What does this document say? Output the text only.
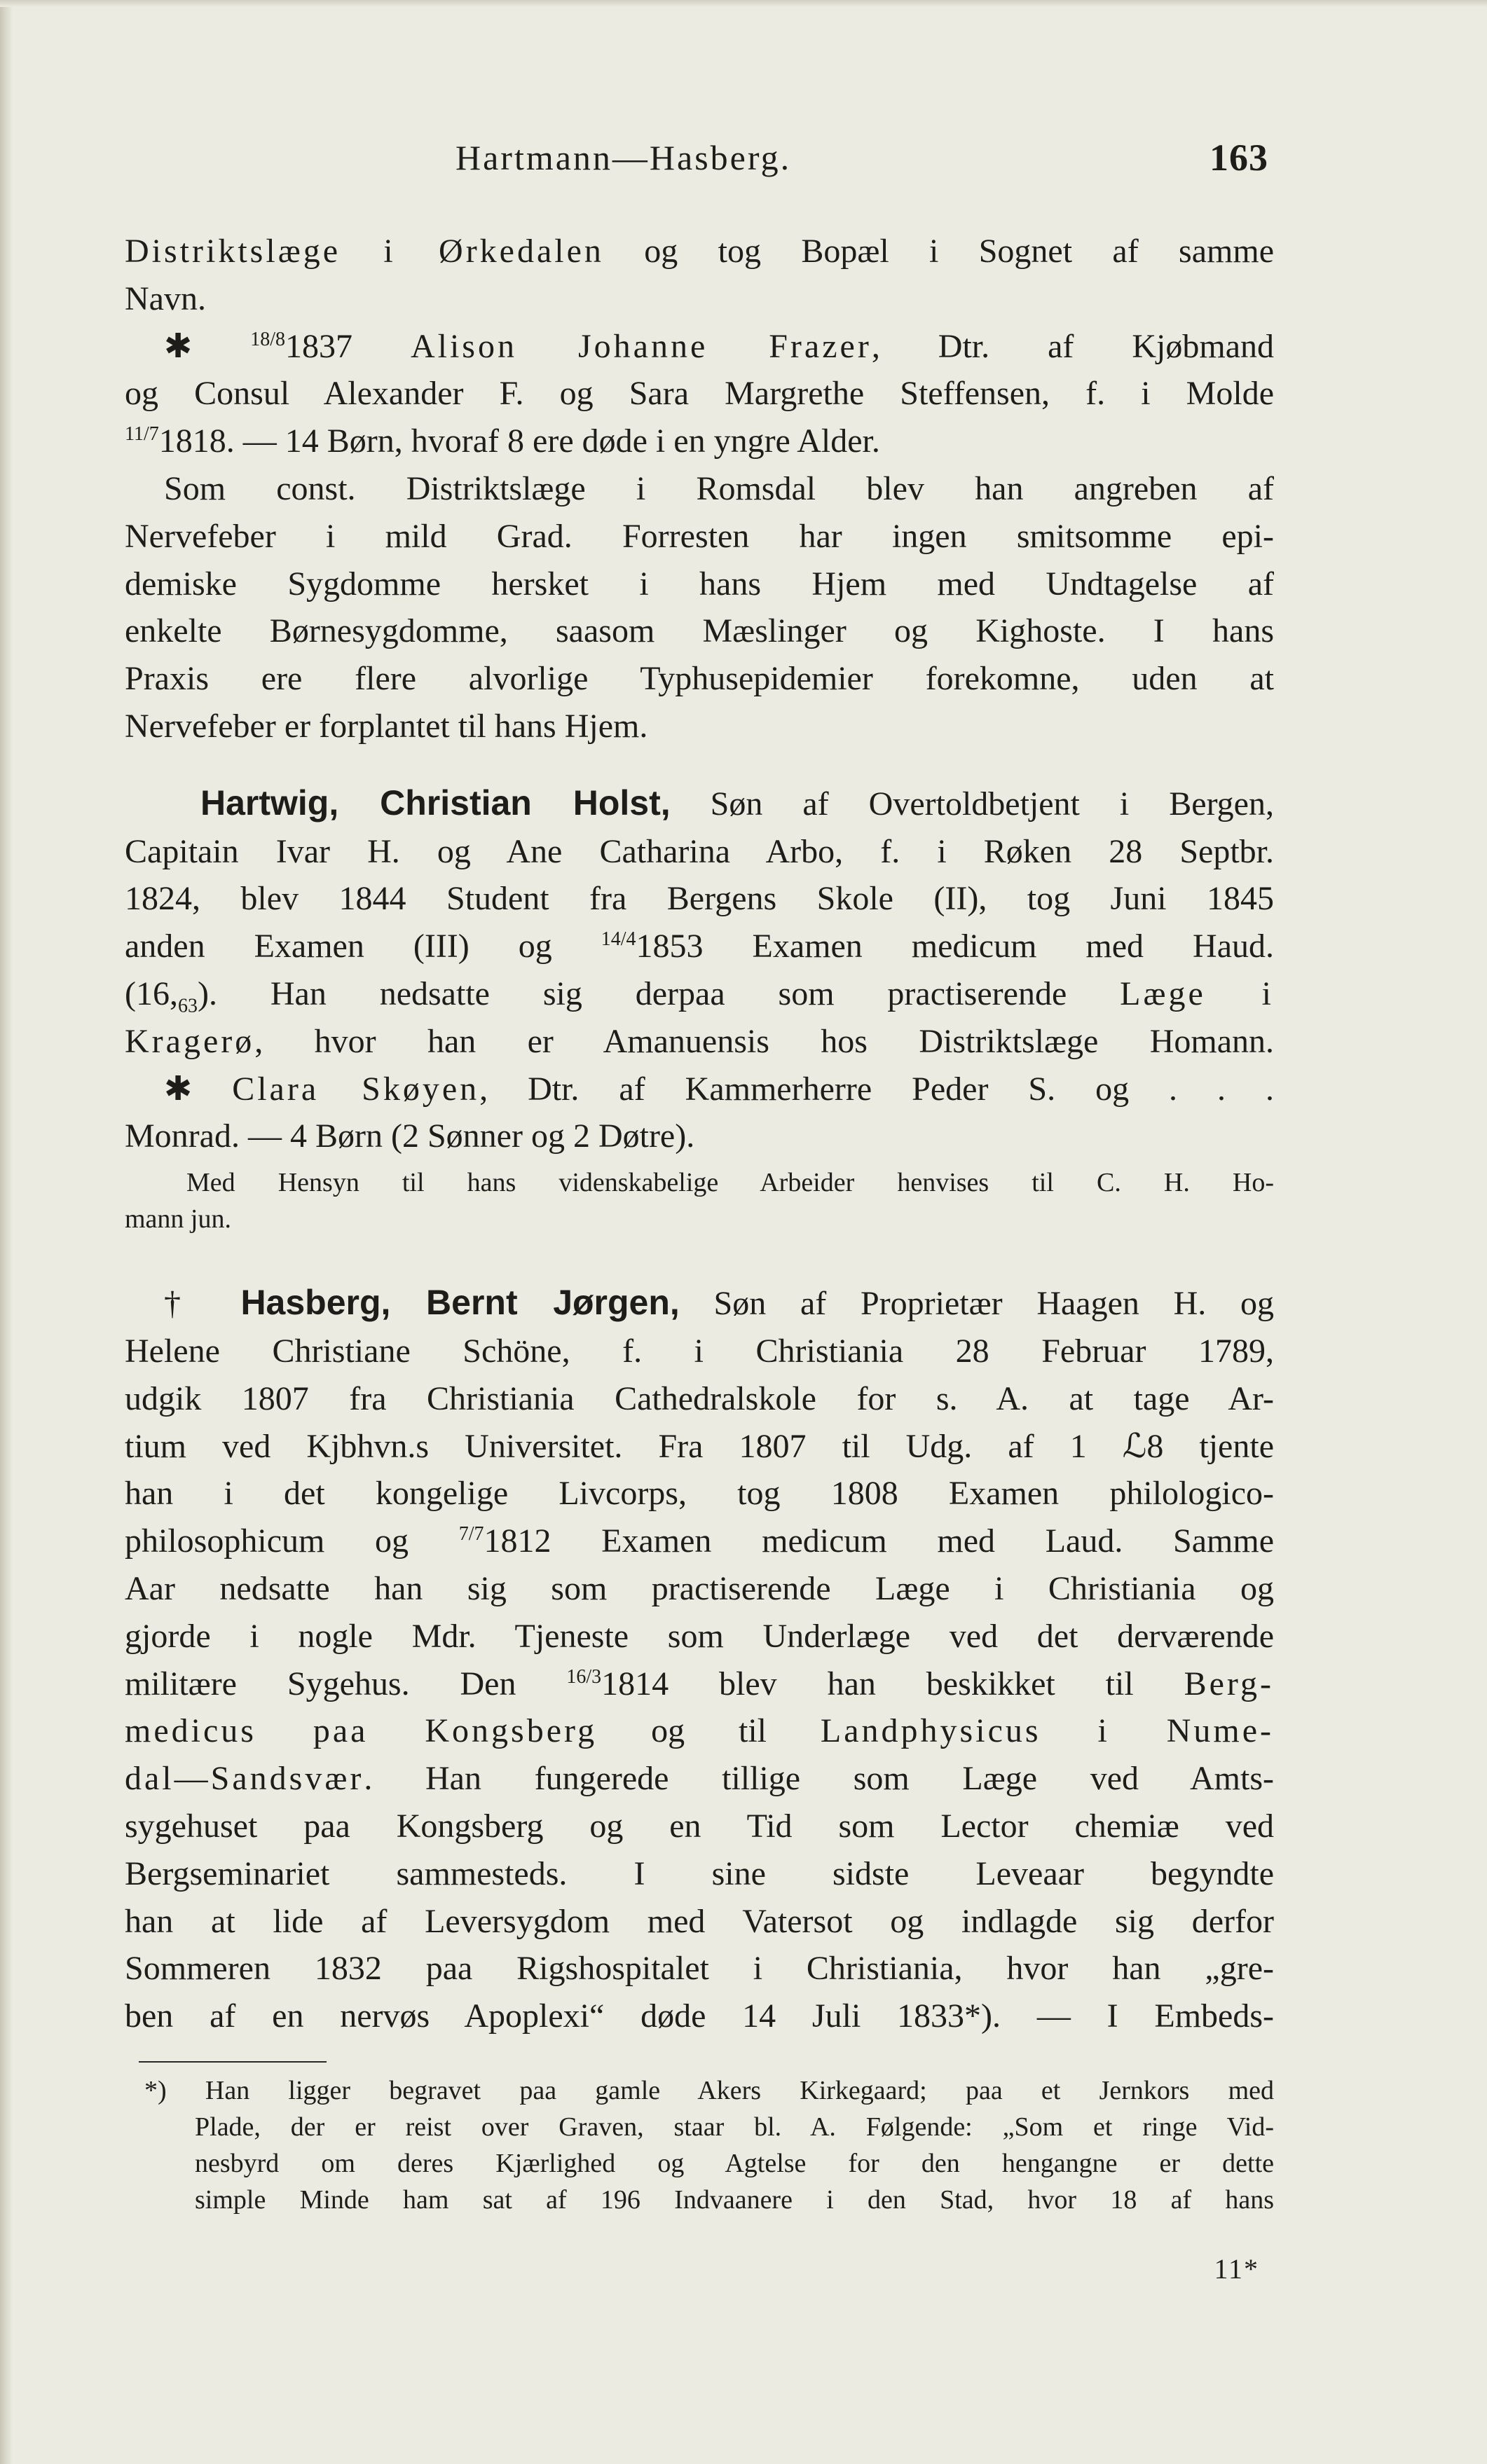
Hartmann—Hasberg.	163
Distriktslæge i Ørkedalen og tog Bopæl i Sognet af samme
Navn.
✱ $^{18/8}$1837 Alison Johanne Frazer, Dtr. af Kjøbmand
og Consul Alexander F. og Sara Margrethe Steffensen, f. i Molde
$^{11/7}$1818. — 14 Børn, hvoraf 8 ere døde i en yngre Alder.
Som const. Distriktslæge i Romsdal blev han angreben af
Nervefeber i mild Grad. Forresten har ingen smitsomme epi-
demiske Sygdomme hersket i hans Hjem med Undtagelse af
enkelte Børnesygdomme, saasom Mæslinger og Kighoste. I hans
Praxis ere flere alvorlige Typhusepidemier forekomne, uden at
Nervefeber er forplantet til hans Hjem.
Hartwig, Christian Holst, Søn af Overtoldbetjent i Bergen,
Capitain Ivar H. og Ane Catharina Arbo, f. i Røken 28 Septbr.
1824, blev 1844 Student fra Bergens Skole (II), tog Juni 1845
anden Examen (III) og $^{14/4}$1853 Examen medicum med Haud.
$(16,_{63})$. Han nedsatte sig derpaa som practiserende Læge i
Kragerø, hvor han er Amanuensis hos Distriktslæge Homann.
✱ Clara Skøyen, Dtr. af Kammerherre Peder S. og . . .
Monrad. — 4 Børn (2 Sønner og 2 Døtre).
Med Hensyn til hans videnskabelige Arbeider henvises til C. H. Ho-
mann jun.
† Hasberg, Bernt Jørgen, Søn af Proprietær Haagen H. og
Helene Christiane Schöne, f. i Christiania 28 Februar 1789,
udgik 1807 fra Christiania Cathedralskole for s. A. at tage Ar-
tium ved Kjbhvn.s Universitet. Fra 1807 til Udg. af 1 ℒ8 tjente
han i det kongelige Livcorps, tog 1808 Examen philologico-
philosophicum og $^{7/7}$1812 Examen medicum med Laud. Samme
Aar nedsatte han sig som practiserende Læge i Christiania og
gjorde i nogle Mdr. Tjeneste som Underlæge ved det derværende
militære Sygehus. Den $^{16/3}$1814 blev han beskikket til Berg-
medicus paa Kongsberg og til Landphysicus i Nume-
dal—Sandsvær. Han fungerede tillige som Læge ved Amts-
sygehuset paa Kongsberg og en Tid som Lector chemiæ ved
Bergseminariet sammesteds. I sine sidste Leveaar begyndte
han at lide af Leversygdom med Vatersot og indlagde sig derfor
Sommeren 1832 paa Rigshospitalet i Christiania, hvor han „gre-
ben af en nervøs Apoplexi“ døde 14 Juli 1833*). — I Embeds-
*) Han ligger begravet paa gamle Akers Kirkegaard; paa et Jernkors med
Plade, der er reist over Graven, staar bl. A. Følgende: „Som et ringe Vid-
nesbyrd om deres Kjærlighed og Agtelse for den hengangne er dette
simple Minde ham sat af 196 Indvaanere i den Stad, hvor 18 af hans
11*
